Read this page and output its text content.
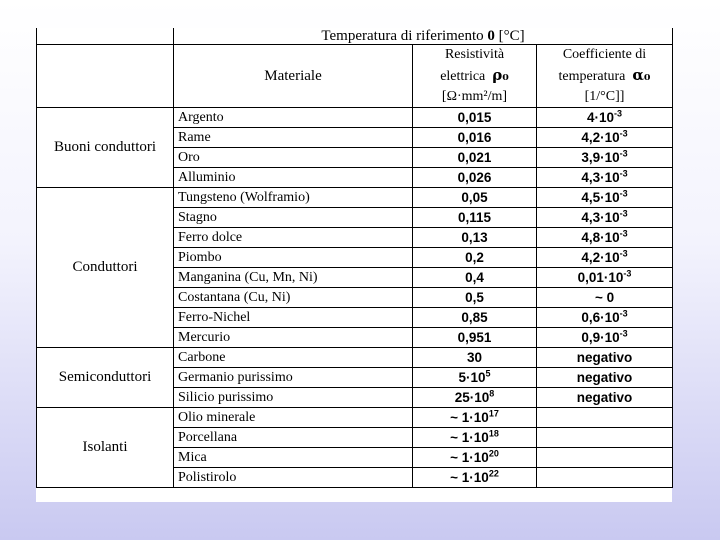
	Temperatura di riferimento 0 [°C]		
	Materiale	Resistività
elettrica ρ₀
[Ω·mm²/m]	Coefficiente di
temperatura α₀
[1/°C]]
Buoni conduttori	Argento	0,015	$4\cdot 10^{-3}$
	Rame	0,016	$4,2\cdot 10^{-3}$
	Oro	0,021	$3,9\cdot 10^{-3}$
	Alluminio	0,026	$4,3\cdot 10^{-3}$
Conduttori	Tungsteno (Wolframio)	0,05	$4,5\cdot 10^{-3}$
	Stagno	0,115	$4,3\cdot 10^{-3}$
	Ferro dolce	0,13	$4,8\cdot 10^{-3}$
	Piombo	0,2	$4,2\cdot 10^{-3}$
	Manganina (Cu, Mn, Ni)	0,4	$0,01\cdot 10^{-3}$
	Costantana (Cu, Ni)	0,5	~ 0
	Ferro-Nichel	0,85	$0,6\cdot 10^{-3}$
	Mercurio	0,951	$0,9\cdot 10^{-3}$
Semiconduttori	Carbone	30	negativo
	Germanio purissimo	$5\cdot 10^5$	negativo
	Silicio purissimo	$25\cdot 10^8$	negativo
Isolanti	Olio minerale	~ $1\cdot 10^{17}$	
	Porcellana	~ $1\cdot 10^{18}$	
	Mica	~ $1\cdot 10^{20}$	
	Polistirolo	~ $1\cdot 10^{22}$	
